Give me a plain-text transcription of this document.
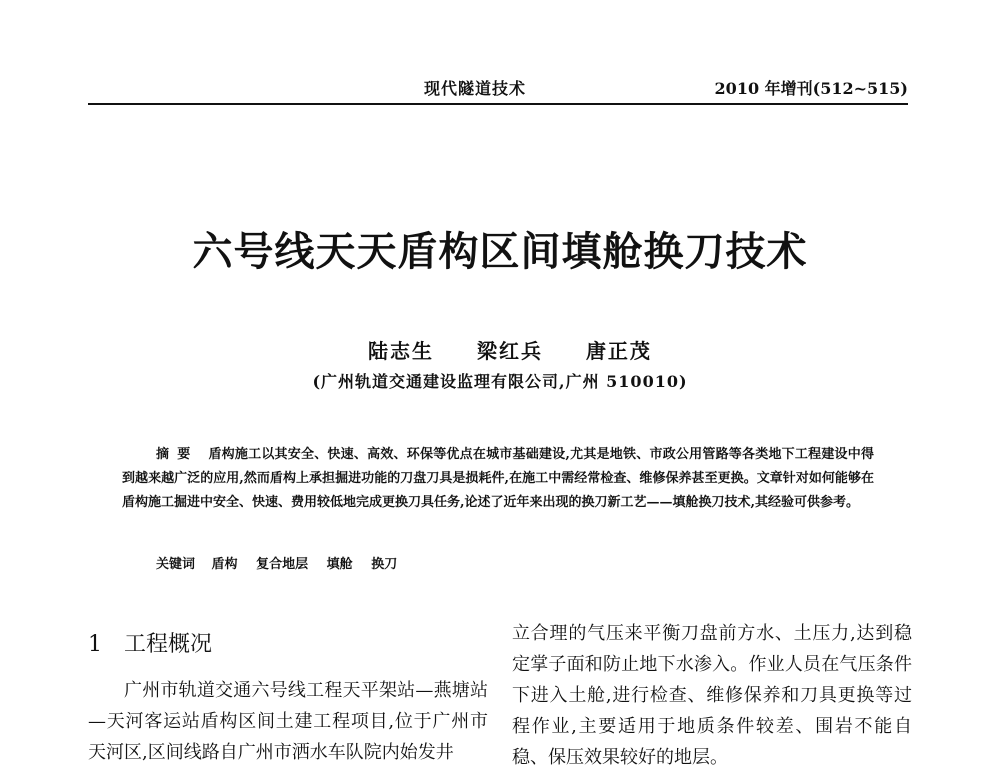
现代隧道技术	2010 年增刊(512~515)
六号线天天盾构区间填舱换刀技术
陆志生 梁红兵 唐正茂
(广州轨道交通建设监理有限公司,广州 510010)
摘要 盾构施工以其安全、快速、高效、环保等优点在城市基础建设,尤其是地铁、市政公用管路等各类地下工程建设中得到越来越广泛的应用,然而盾构上承担掘进功能的刀盘刀具是损耗件,在施工中需经常检查、维修保养甚至更换。文章针对如何能够在盾构施工掘进中安全、快速、费用较低地完成更换刀具任务,论述了近年来出现的换刀新工艺——填舱换刀技术,其经验可供参考。
关键词 盾构 复合地层 填舱 换刀
1 工程概况

广州市轨道交通六号线工程天平架站—燕塘站—天河客运站盾构区间土建工程项目,位于广州市天河区,区间线路自广州市洒水车队院内始发井

立合理的气压来平衡刀盘前方水、土压力,达到稳定掌子面和防止地下水渗入。作业人员在气压条件下进入土舱,进行检查、维修保养和刀具更换等过程作业,主要适用于地质条件较差、围岩不能自稳、保压效果较好的地层。
